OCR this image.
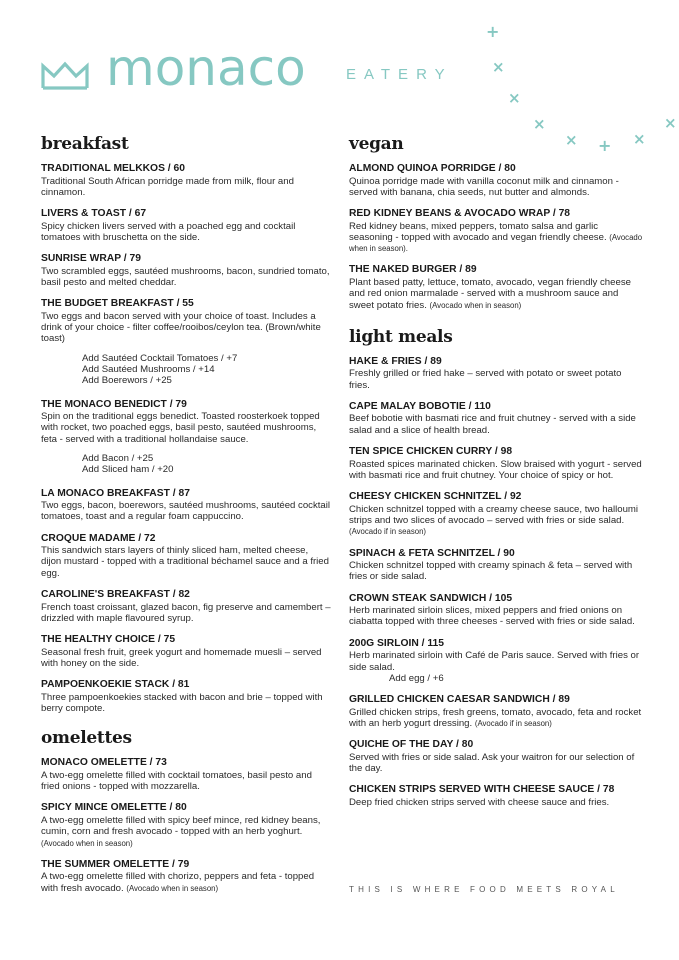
monaco	EATERY
+
×
×
×
× + ×
×
breakfast
TRADITIONAL MELKKOS / 60
Traditional South African porridge made from milk, flour and cinnamon.
LIVERS & TOAST / 67
Spicy chicken livers served with a poached egg and cocktail tomatoes with bruschetta on the side.
SUNRISE WRAP / 79
Two scrambled eggs, sautéed mushrooms, bacon, sundried tomato, basil pesto and melted cheddar.
THE BUDGET BREAKFAST / 55
Two eggs and bacon served with your choice of toast. Includes a drink of your choice - filter coffee/rooibos/ceylon tea. (Brown/white toast)
Add Sautéed Cocktail Tomatoes / +7
Add Sautéed Mushrooms / +14
Add Boerewors / +25
THE MONACO BENEDICT / 79
Spin on the traditional eggs benedict. Toasted roosterkoek topped with rocket, two poached eggs, basil pesto, sautéed mushrooms, feta - served with a traditional hollandaise sauce.
Add Bacon / +25
Add Sliced ham / +20
LA MONACO BREAKFAST / 87
Two eggs, bacon, boerewors, sautéed mushrooms, sautéed cocktail tomatoes, toast and a regular foam cappuccino.
CROQUE MADAME / 72
This sandwich stars layers of thinly sliced ham, melted cheese, dijon mustard - topped with a traditional béchamel sauce and a fried egg.
CAROLINE'S BREAKFAST / 82
French toast croissant, glazed bacon, fig preserve and camembert – drizzled with maple flavoured syrup.
THE HEALTHY CHOICE / 75
Seasonal fresh fruit, greek yogurt and homemade muesli – served with honey on the side.
PAMPOENKOEKIE STACK / 81
Three pampoenkoekies stacked with bacon and brie – topped with berry compote.
omelettes
MONACO OMELETTE / 73
A two-egg omelette filled with cocktail tomatoes, basil pesto and fried onions - topped with mozzarella.
SPICY MINCE OMELETTE / 80
A two-egg omelette filled with spicy beef mince, red kidney beans, cumin, corn and fresh avocado - topped with an herb yoghurt. (Avocado when in season)
THE SUMMER OMELETTE / 79
A two-egg omelette filled with chorizo, peppers and feta - topped with fresh avocado. (Avocado when in season)
vegan
ALMOND QUINOA PORRIDGE / 80
Quinoa porridge made with vanilla coconut milk and cinnamon - served with banana, chia seeds, nut butter and almonds.
RED KIDNEY BEANS & AVOCADO WRAP / 78
Red kidney beans, mixed peppers, tomato salsa and garlic seasoning - topped with avocado and vegan friendly cheese. (Avocado when in season).
THE NAKED BURGER / 89
Plant based patty, lettuce, tomato, avocado, vegan friendly cheese and red onion marmalade - served with a mushroom sauce and sweet potato fries. (Avocado when in season)
light meals
HAKE & FRIES / 89
Freshly grilled or fried hake – served with potato or sweet potato fries.
CAPE MALAY BOBOTIE / 110
Beef bobotie with basmati rice and fruit chutney - served with a side salad and a slice of health bread.
TEN SPICE CHICKEN CURRY / 98
Roasted spices marinated chicken. Slow braised with yogurt - served with basmati rice and fruit chutney. Your choice of spicy or hot.
CHEESY CHICKEN SCHNITZEL / 92
Chicken schnitzel topped with a creamy cheese sauce, two halloumi strips and two slices of avocado – served with fries or side salad. (Avocado if in season)
SPINACH & FETA SCHNITZEL / 90
Chicken schnitzel topped with creamy spinach & feta – served with fries or side salad.
CROWN STEAK SANDWICH / 105
Herb marinated sirloin slices, mixed peppers and fried onions on ciabatta topped with three cheeses - served with fries or side salad.
200G SIRLOIN / 115
Herb marinated sirloin with Café de Paris sauce. Served with fries or side salad.
Add egg / +6
GRILLED CHICKEN CAESAR SANDWICH / 89
Grilled chicken strips, fresh greens, tomato, avocado, feta and rocket with an herb yogurt dressing. (Avocado if in season)
QUICHE OF THE DAY / 80
Served with fries or side salad. Ask your waitron for our selection of the day.
CHICKEN STRIPS SERVED WITH CHEESE SAUCE / 78
Deep fried chicken strips served with cheese sauce and fries.
THIS IS WHERE FOOD MEETS ROYAL
